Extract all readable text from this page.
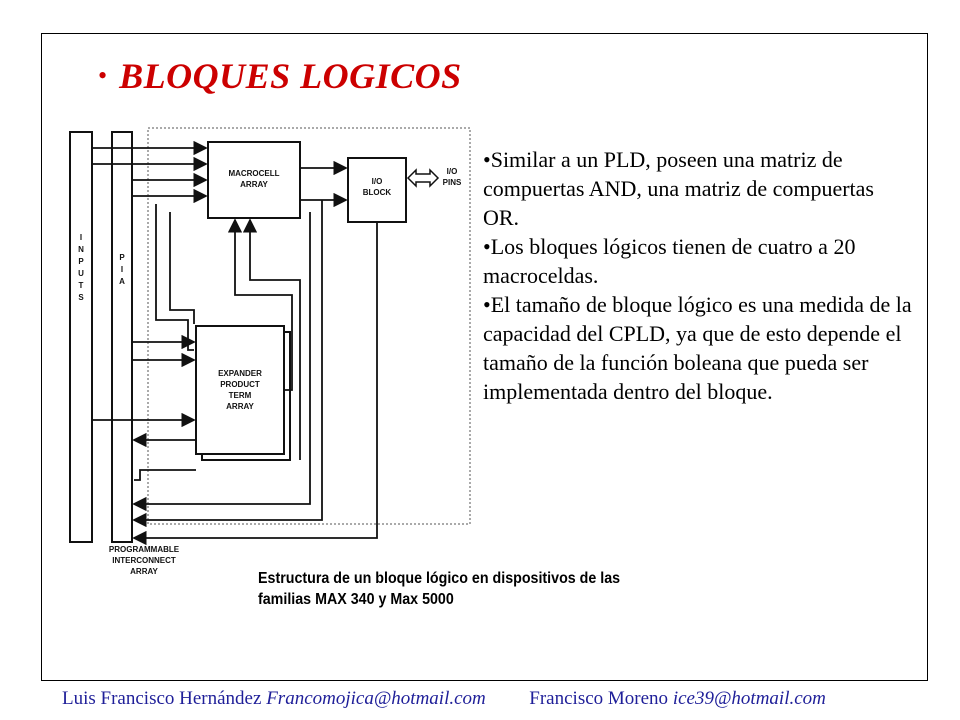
• BLOQUES LOGICOS
I
N
P
U
T
S
P
I
A
MACROCELL
ARRAY	I/O
BLOCK
I/O
PINS
EXPANDER
PRODUCT
TERM
ARRAY
PROGRAMMABLE
INTERCONNECT
ARRAY

•Similar a un PLD, poseen una matriz de compuertas AND, una matriz de compuertas OR.

•Los bloques lógicos tienen de cuatro a 20 macroceldas.

•El tamaño de bloque lógico es una medida de la capacidad del CPLD, ya que de esto depende el tamaño de la función boleana que pueda ser implementada dentro del bloque.

Estructura de un bloque lógico en dispositivos de las
familias MAX 340 y Max 5000
Luis Francisco Hernández Francomojica@hotmail.com Francisco Moreno ice39@hotmail.com
